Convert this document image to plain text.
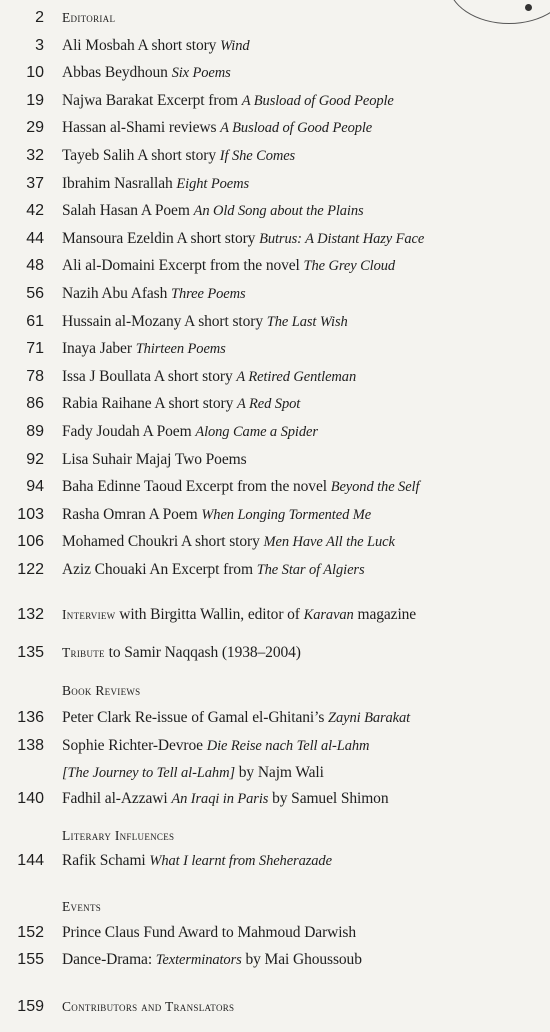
2 Editorial
3 Ali Mosbah A short story Wind
10 Abbas Beydhoun Six Poems
19 Najwa Barakat Excerpt from A Busload of Good People
29 Hassan al-Shami reviews A Busload of Good People
32 Tayeb Salih A short story If She Comes
37 Ibrahim Nasrallah Eight Poems
42 Salah Hasan A Poem An Old Song about the Plains
44 Mansoura Ezeldin A short story Butrus: A Distant Hazy Face
48 Ali al-Domaini Excerpt from the novel The Grey Cloud
56 Nazih Abu Afash Three Poems
61 Hussain al-Mozany A short story The Last Wish
71 Inaya Jaber Thirteen Poems
78 Issa J Boullata A short story A Retired Gentleman
86 Rabia Raihane A short story A Red Spot
89 Fady Joudah A Poem Along Came a Spider
92 Lisa Suhair Majaj Two Poems
94 Baha Edinne Taoud Excerpt from the novel Beyond the Self
103 Rasha Omran A Poem When Longing Tormented Me
106 Mohamed Choukri A short story Men Have All the Luck
122 Aziz Chouaki An Excerpt from The Star of Algiers
132 Interview with Birgitta Wallin, editor of Karavan magazine
135 Tribute to Samir Naqqash (1938–2004)
Book Reviews
136 Peter Clark Re-issue of Gamal el-Ghitani’s Zayni Barakat
138 Sophie Richter-Devroe Die Reise nach Tell al-Lahm
[The Journey to Tell al-Lahm] by Najm Wali
140 Fadhil al-Azzawi An Iraqi in Paris by Samuel Shimon
Literary Influences
144 Rafik Schami What I learnt from Sheherazade
Events
152 Prince Claus Fund Award to Mahmoud Darwish
155 Dance-Drama: Texterminators by Mai Ghoussoub
159 Contributors and Translators
